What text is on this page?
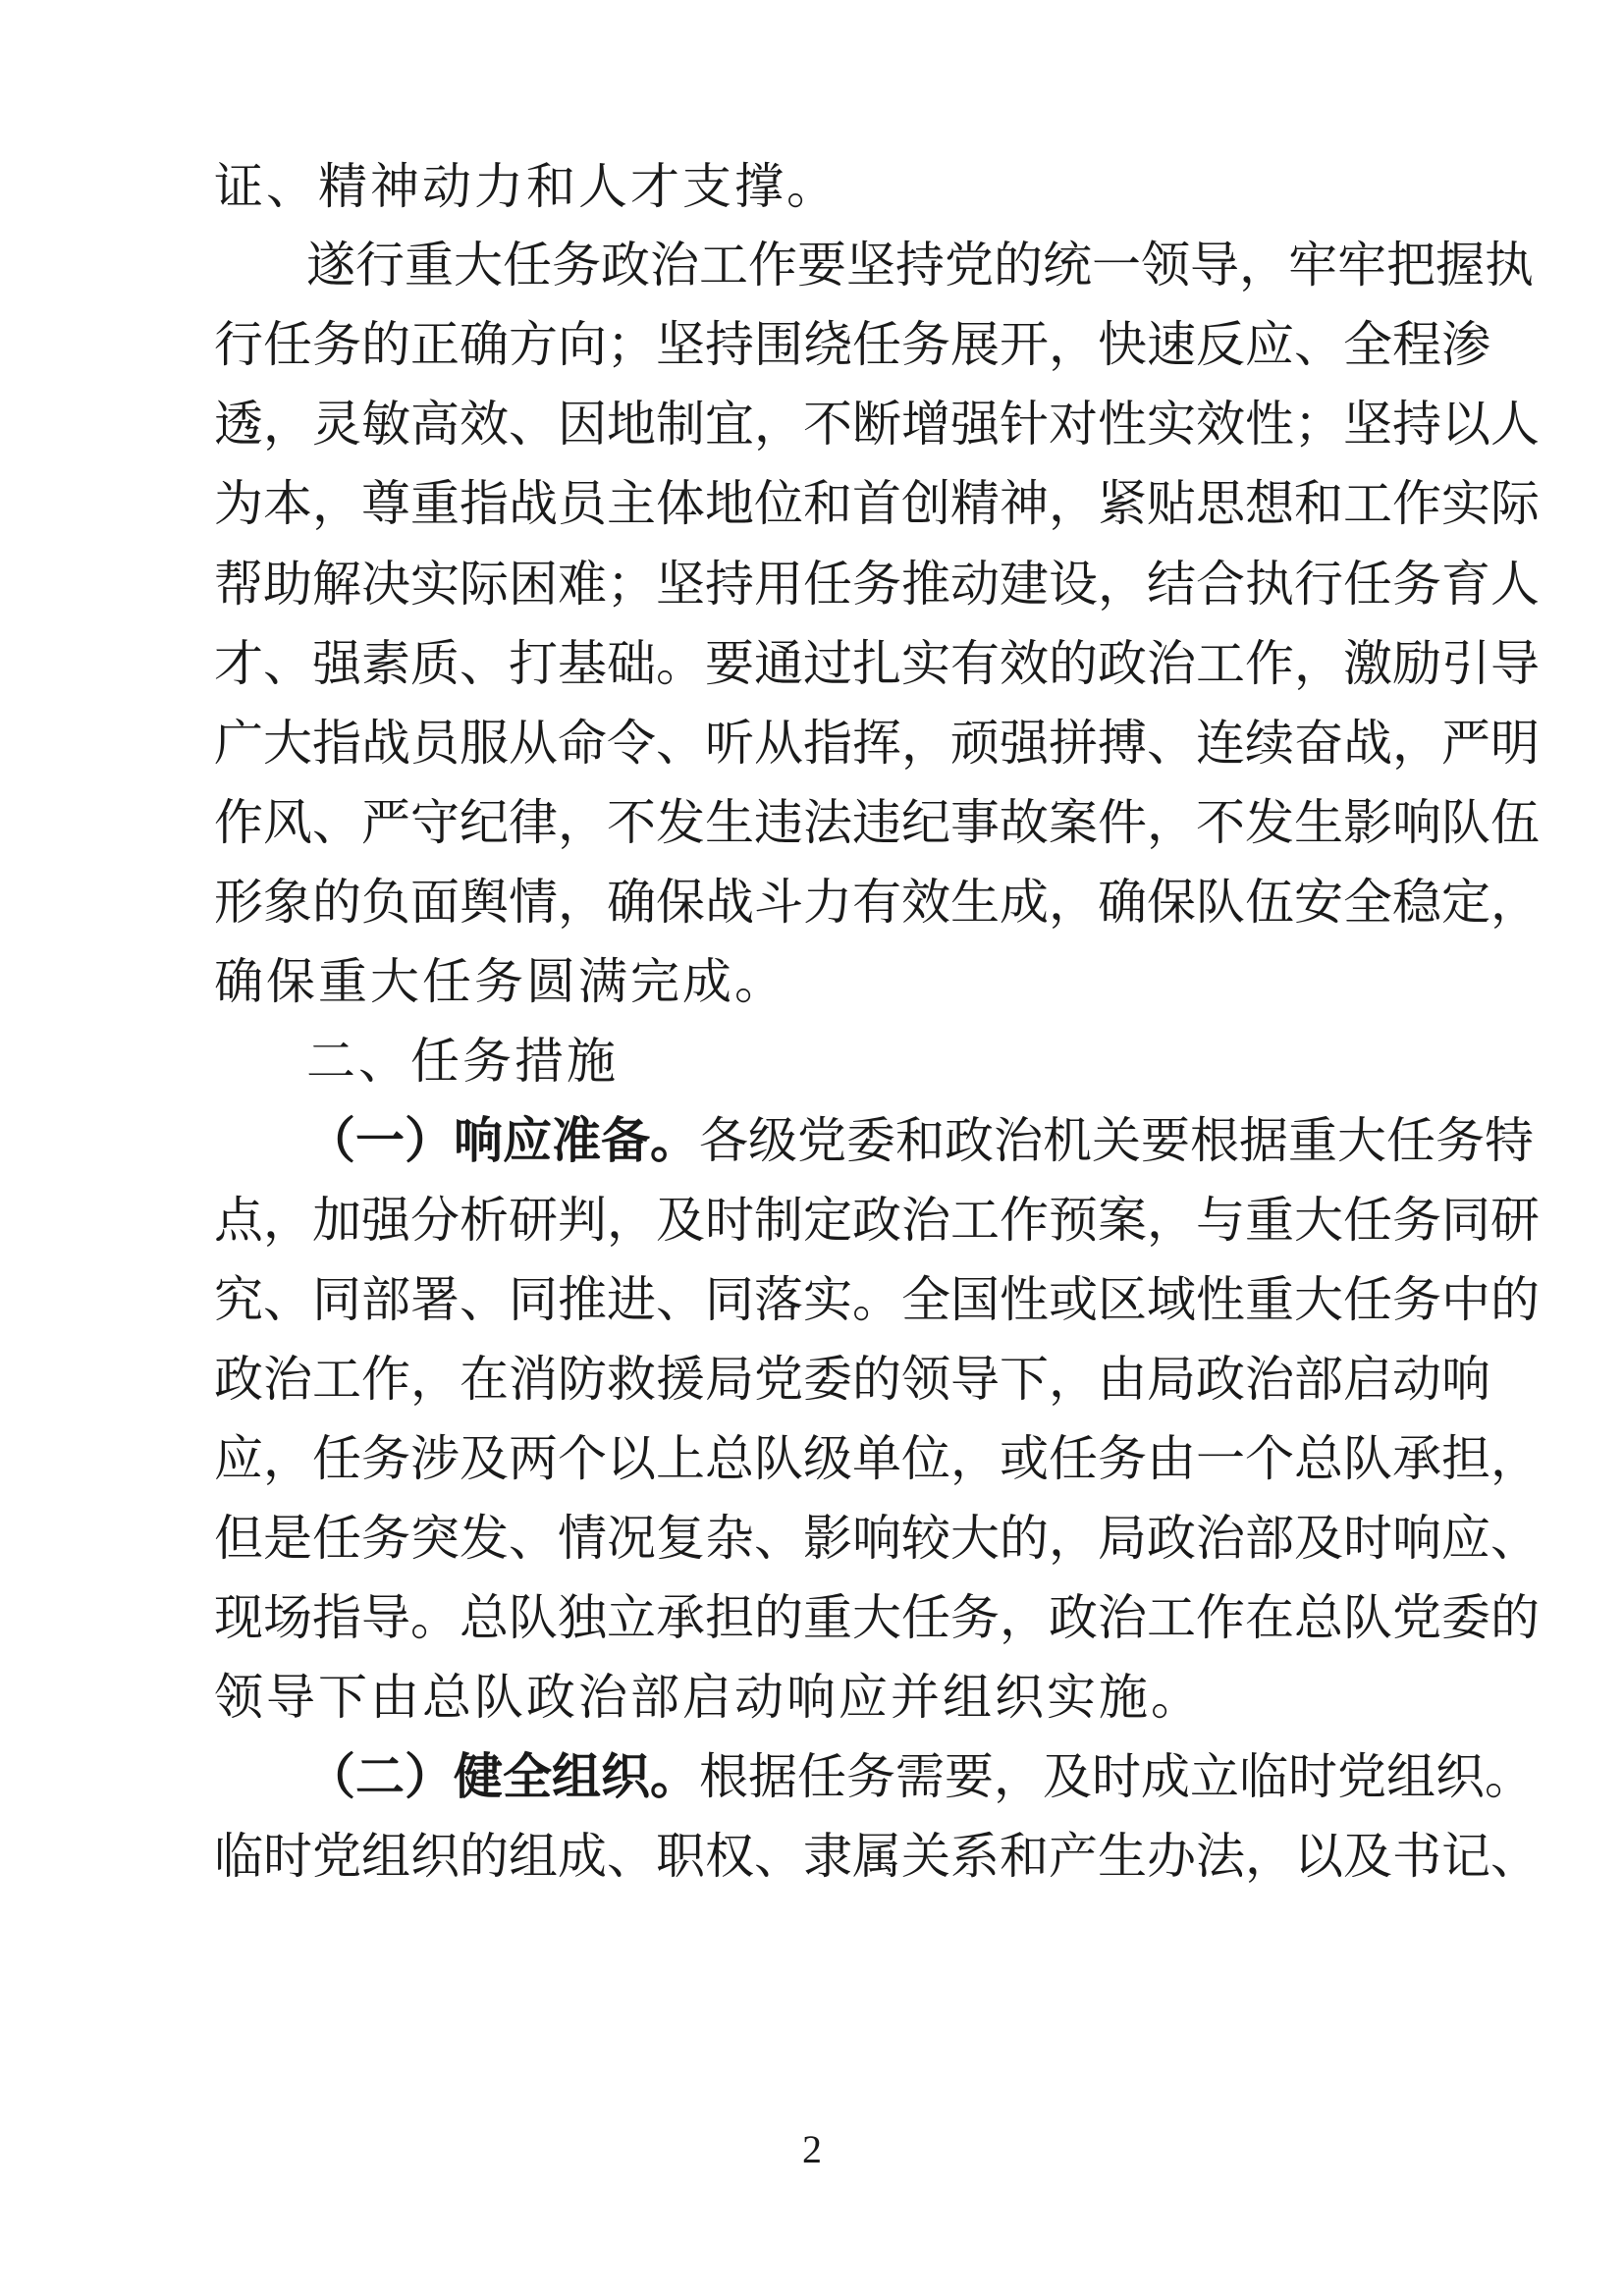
证、精神动力和人才支撑。
遂行重大任务政治工作要坚持党的统一领导，牢牢把握执
行任务的正确方向；坚持围绕任务展开，快速反应、全程渗
透，灵敏高效、因地制宜，不断增强针对性实效性；坚持以人
为本，尊重指战员主体地位和首创精神，紧贴思想和工作实际
帮助解决实际困难；坚持用任务推动建设，结合执行任务育人
才、强素质、打基础。要通过扎实有效的政治工作，激励引导
广大指战员服从命令、听从指挥，顽强拼搏、连续奋战，严明
作风、严守纪律，不发生违法违纪事故案件，不发生影响队伍
形象的负面舆情，确保战斗力有效生成，确保队伍安全稳定，
确保重大任务圆满完成。
二、任务措施
（一）响应准备。各级党委和政治机关要根据重大任务特
点，加强分析研判，及时制定政治工作预案，与重大任务同研
究、同部署、同推进、同落实。全国性或区域性重大任务中的
政治工作，在消防救援局党委的领导下，由局政治部启动响
应，任务涉及两个以上总队级单位，或任务由一个总队承担，
但是任务突发、情况复杂、影响较大的，局政治部及时响应、
现场指导。总队独立承担的重大任务，政治工作在总队党委的
领导下由总队政治部启动响应并组织实施。
（二）健全组织。根据任务需要，及时成立临时党组织。
临时党组织的组成、职权、隶属关系和产生办法，以及书记、
2
